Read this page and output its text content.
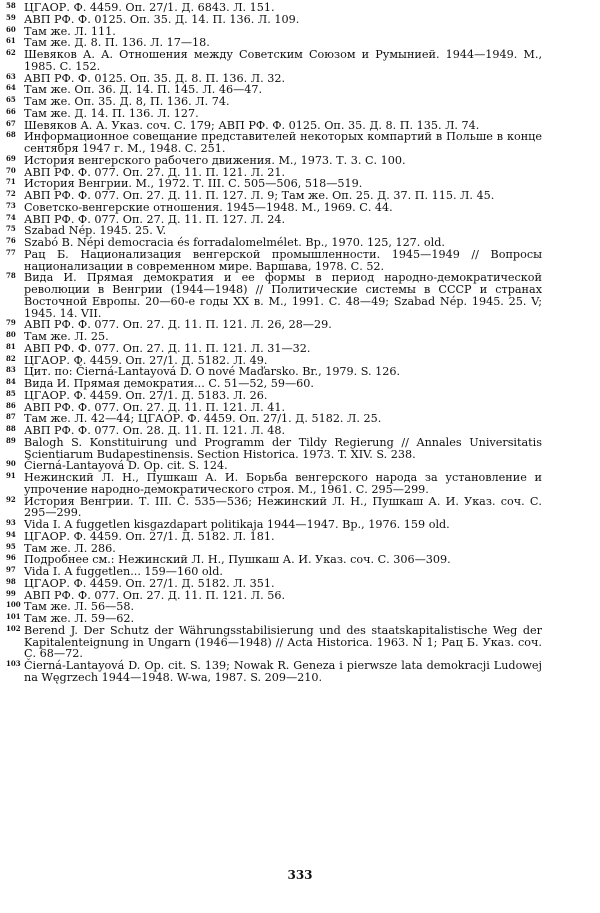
58 ЦГАОР. Ф. 4459. Оп. 27/1. Д. 6843. Л. 151.

59 АВП РФ. Ф. 0125. Оп. 35. Д. 14. П. 136. Л. 109.

60 Там же. Л. 111.

61 Там же. Д. 8. П. 136. Л. 17—18.

62 Шевяков А. А. Отношения между Советским Союзом и Румынией. 1944—1949. М., 1985. С. 152.

63 АВП РФ. Ф. 0125. Оп. 35. Д. 8. П. 136. Л. 32.

64 Там же. Оп. 36. Д. 14. П. 145. Л. 46—47.

65 Там же. Оп. 35. Д. 8, П. 136. Л. 74.

66 Там же. Д. 14. П. 136. Л. 127.

67 Шевяков А. А. Указ. соч. С. 179; АВП РФ. Ф. 0125. Оп. 35. Д. 8. П. 135. Л. 74.

68 Информационное совещание представителей некоторых компартий в Польше в конце сентября 1947 г. М., 1948. С. 251.

69 История венгерского рабочего движения. М., 1973. Т. 3. С. 100.

70 АВП РФ. Ф. 077. Оп. 27. Д. 11. П. 121. Л. 21.

71 История Венгрии. М., 1972. Т. III. С. 505—506, 518—519.

72 АВП РФ. Ф. 077. Оп. 27. Д. 11. П. 127. Л. 9; Там же. Оп. 25. Д. 37. П. 115. Л. 45.

73 Советско-венгерские отношения. 1945—1948. М., 1969. С. 44.

74 АВП РФ. Ф. 077. Оп. 27. Д. 11. П. 127. Л. 24.

75 Szabad Nép. 1945. 25. V.

76 Szabó B. Népi democracia és forradalomelmélet. Bp., 1970. 125, 127. old.

77 Рац Б. Национализация венгерской промышленности. 1945—1949 // Вопросы национализации в современном мире. Варшава, 1978. С. 52.

78 Вида И. Прямая демократия и ее формы в период народно-демократической революции в Венгрии (1944—1948) // Политические системы в СССР и странах Восточной Европы. 20—60-е годы XX в. М., 1991. С. 48—49; Szabad Nép. 1945. 25. V; 1945. 14. VII.

79 АВП РФ. Ф. 077. Оп. 27. Д. 11. П. 121. Л. 26, 28—29.

80 Там же. Л. 25.

81 АВП РФ. Ф. 077. Оп. 27. Д. 11. П. 121. Л. 31—32.

82 ЦГАОР. Ф. 4459. Оп. 27/1. Д. 5182. Л. 49.

83 Цит. по: Čierná-Lantayová D. O nové Maďarsko. Br., 1979. S. 126.

84 Вида И. Прямая демократия... С. 51—52, 59—60.

85 ЦГАОР. Ф. 4459. Оп. 27/1. Д. 5183. Л. 26.

86 АВП РФ. Ф. 077. Оп. 27. Д. 11. П. 121. Л. 41.

87 Там же. Л. 42—44; ЦГАОР. Ф. 4459. Оп. 27/1. Д. 5182. Л. 25.

88 АВП РФ. Ф. 077. Оп. 28. Д. 11. П. 121. Л. 48.

89 Balogh S. Konstituirung und Programm der Tildy Regierung // Annales Universitatis Scientiarum Budapestinensis. Section Historica. 1973. T. XIV. S. 238.

90 Čierná-Lantayová D. Op. cit. S. 124.

91 Нежинский Л. Н., Пушкаш А. И. Борьба венгерского народа за установление и упрочение народно-демократического строя. М., 1961. С. 295—299.

92 История Венгрии. Т. III. С. 535—536; Нежинский Л. Н., Пушкаш А. И. Указ. соч. С. 295—299.

93 Vida I. A fuggetlen kisgazdapart politikaja 1944—1947. Bp., 1976. 159 old.

94 ЦГАОР. Ф. 4459. Оп. 27/1. Д. 5182. Л. 181.

95 Там же. Л. 286.

96 Подробнее см.: Нежинский Л. Н., Пушкаш А. И. Указ. соч. С. 306—309.

97 Vida I. A fuggetlen... 159—160 old.

98 ЦГАОР. Ф. 4459. Оп. 27/1. Д. 5182. Л. 351.

99 АВП РФ. Ф. 077. Оп. 27. Д. 11. П. 121. Л. 56.

100 Там же. Л. 56—58.

101 Там же. Л. 59—62.

102 Berend J. Der Schutz der Währungsstabilisierung und des staatskapitalistische Weg der Kapitalenteignung in Ungarn (1946—1948) // Acta Historica. 1963. N 1; Рац Б. Указ. соч. С. 68—72.

103 Čierná-Lantayová D. Op. cit. S. 139; Nowak R. Geneza i pierwsze lata demokracji Ludowej na Węgrzech 1944—1948. W-wa, 1987. S. 209—210.

333
